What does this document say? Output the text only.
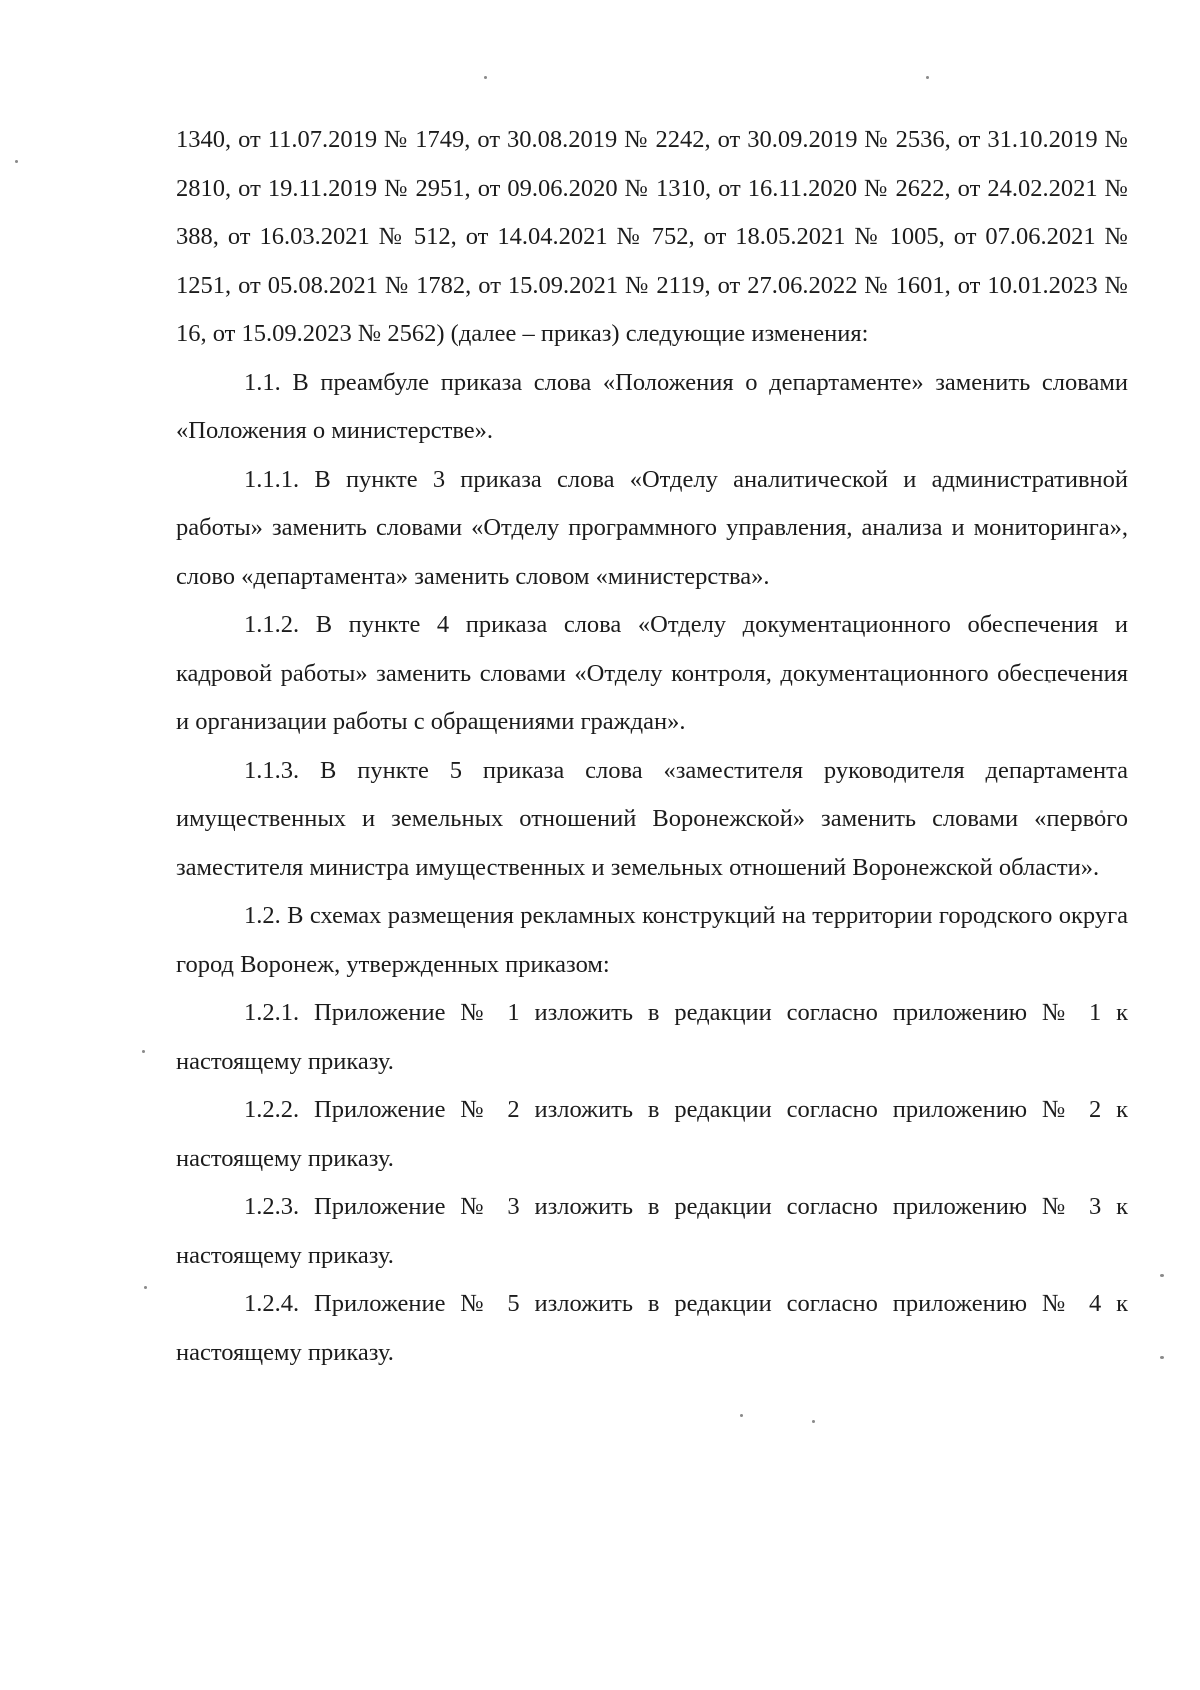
1340, от 11.07.2019 № 1749, от 30.08.2019 № 2242, от 30.09.2019 № 2536, от 31.10.2019 № 2810, от 19.11.2019 № 2951, от 09.06.2020 № 1310, от 16.11.2020 № 2622, от 24.02.2021 № 388, от 16.03.2021 № 512, от 14.04.2021 № 752, от 18.05.2021 № 1005, от 07.06.2021 № 1251, от 05.08.2021 № 1782, от 15.09.2021 № 2119, от 27.06.2022 № 1601, от 10.01.2023 № 16, от 15.09.2023 № 2562) (далее – приказ) следующие изменения:

1.1. В преамбуле приказа слова «Положения о департаменте» заменить словами «Положения о министерстве».

1.1.1. В пункте 3 приказа слова «Отделу аналитической и административной работы» заменить словами «Отделу программного управления, анализа и мониторинга», слово «департамента» заменить словом «министерства».

1.1.2. В пункте 4 приказа слова «Отделу документационного обеспечения и кадровой работы» заменить словами «Отделу контроля, документационного обеспечения и организации работы с обращениями граждан».

1.1.3. В пункте 5 приказа слова «заместителя руководителя департамента имущественных и земельных отношений Воронежской» заменить словами «первого заместителя министра имущественных и земельных отношений Воронежской области».

1.2. В схемах размещения рекламных конструкций на территории городского округа город Воронеж, утвержденных приказом:

1.2.1. Приложение № 1 изложить в редакции согласно приложению № 1 к настоящему приказу.

1.2.2. Приложение № 2 изложить в редакции согласно приложению № 2 к настоящему приказу.

1.2.3. Приложение № 3 изложить в редакции согласно приложению № 3 к настоящему приказу.

1.2.4. Приложение № 5 изложить в редакции согласно приложению № 4 к настоящему приказу.
